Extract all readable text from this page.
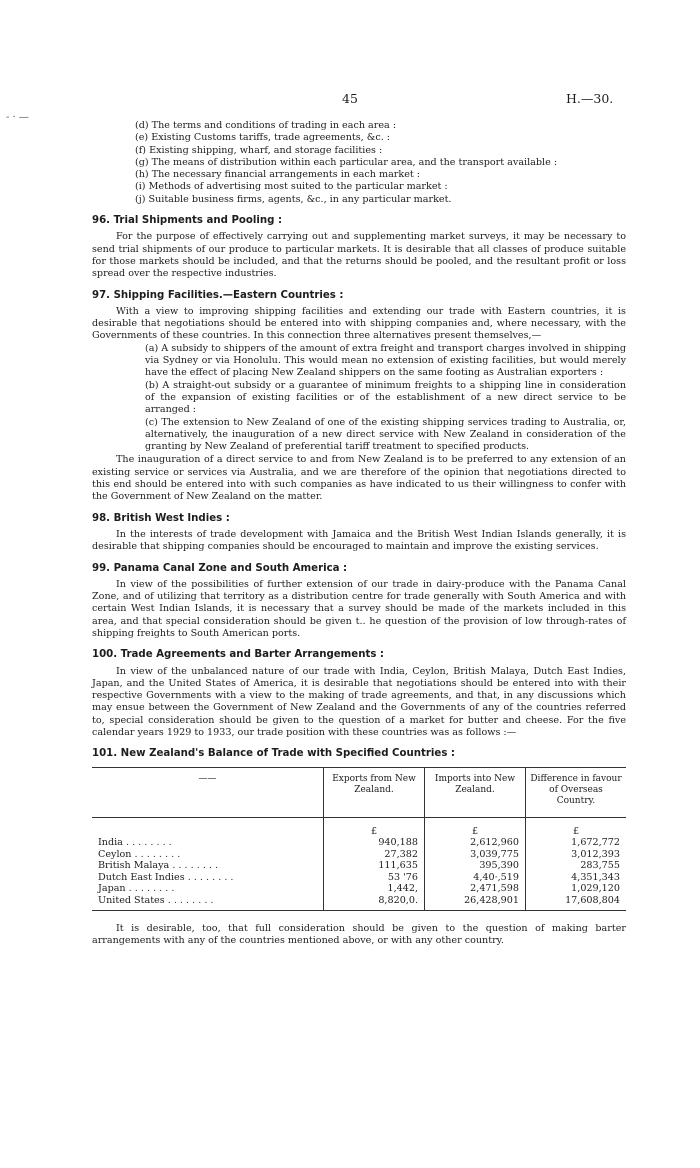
45	H.—30.
- · —
(d) The terms and conditions of trading in each area :
(e) Existing Customs tariffs, trade agreements, &c. :
(f) Existing shipping, wharf, and storage facilities :
(g) The means of distribution within each particular area, and the transport available :
(h) The necessary financial arrangements in each market :
(i) Methods of advertising most suited to the particular market :
(j) Suitable business firms, agents, &c., in any particular market.
96. Trial Shipments and Pooling :

For the purpose of effectively carrying out and supplementing market surveys, it may be necessary to send trial shipments of our produce to particular markets. It is desirable that all classes of produce suitable for those markets should be included, and that the returns should be pooled, and the resultant profit or loss spread over the respective industries.

97. Shipping Facilities.—Eastern Countries :

With a view to improving shipping facilities and extending our trade with Eastern countries, it is desirable that negotiations should be entered into with shipping companies and, where necessary, with the Governments of these countries. In this connection three alternatives present themselves,—

(a) A subsidy to shippers of the amount of extra freight and transport charges involved in shipping via Sydney or via Honolulu. This would mean no extension of existing facilities, but would merely have the effect of placing New Zealand shippers on the same footing as Australian exporters :
(b) A straight-out subsidy or a guarantee of minimum freights to a shipping line in consideration of the expansion of existing facilities or of the establishment of a new direct service to be arranged :
(c) The extension to New Zealand of one of the existing shipping services trading to Australia, or, alternatively, the inauguration of a new direct service with New Zealand in consideration of the granting by New Zealand of preferential tariff treatment to specified products.

The inauguration of a direct service to and from New Zealand is to be preferred to any extension of an existing service or services via Australia, and we are therefore of the opinion that negotiations directed to this end should be entered into with such companies as have indicated to us their willingness to confer with the Government of New Zealand on the matter.

98. British West Indies :

In the interests of trade development with Jamaica and the British West Indian Islands generally, it is desirable that shipping companies should be encouraged to maintain and improve the existing services.

99. Panama Canal Zone and South America :

In view of the possibilities of further extension of our trade in dairy-produce with the Panama Canal Zone, and of utilizing that territory as a distribution centre for trade generally with South America and with certain West Indian Islands, it is necessary that a survey should be made of the markets included in this area, and that special consideration should be given t.. he question of the provision of low through-rates of shipping freights to South American ports.

100. Trade Agreements and Barter Arrangements :

In view of the unbalanced nature of our trade with India, Ceylon, British Malaya, Dutch East Indies, Japan, and the United States of America, it is desirable that negotiations should be entered into with their respective Governments with a view to the making of trade agreements, and that, in any discussions which may ensue between the Government of New Zealand and the Governments of any of the countries referred to, special consideration should be given to the question of a market for butter and cheese. For the five calendar years 1929 to 1933, our trade position with these countries was as follows :—

101. New Zealand's Balance of Trade with Specified Countries :
——	Exports from New Zealand.	Imports into New Zealand.	Difference in favour of Overseas Country.
	£	£	£
India . . . . . . . .	940,188	2,612,960	1,672,772
Ceylon . . . . . . . .	27,382	3,039,775	3,012,393
British Malaya . . . . . . . .	111,635	395,390	283,755
Dutch East Indies . . . . . . . .	53 '76	4,40·,519	4,351,343
Japan . . . . . . . .	1,442,	2,471,598	1,029,120
United States . . . . . . . .	8,820,0.	26,428,901	17,608,804

It is desirable, too, that full consideration should be given to the question of making barter arrangements with any of the countries mentioned above, or with any other country.
